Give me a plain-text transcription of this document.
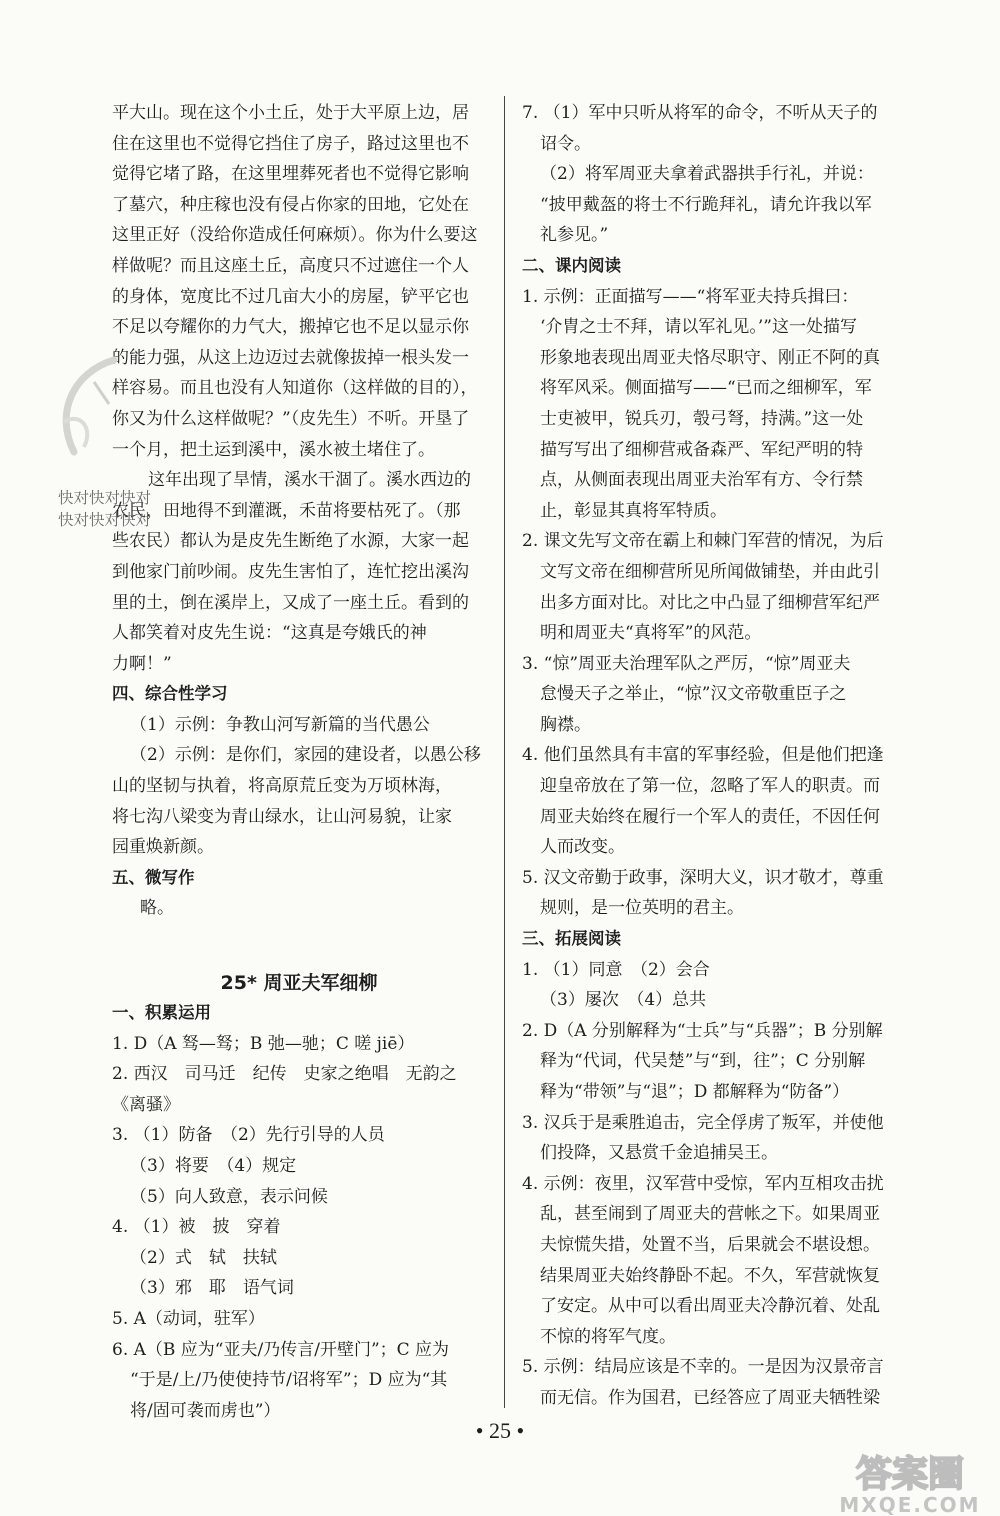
平大山。现在这个小土丘，处于大平原上边，居
住在这里也不觉得它挡住了房子，路过这里也不
觉得它堵了路，在这里埋葬死者也不觉得它影响
了墓穴，种庄稼也没有侵占你家的田地，它处在
这里正好（没给你造成任何麻烦）。你为什么要这
样做呢？而且这座土丘，高度只不过遮住一个人
的身体，宽度比不过几亩大小的房屋，铲平它也
不足以夸耀你的力气大，搬掉它也不足以显示你
的能力强，从这上边迈过去就像拔掉一根头发一
样容易。而且也没有人知道你（这样做的目的），
你又为什么这样做呢？”（皮先生）不听。开垦了
一个月，把土运到溪中，溪水被土堵住了。
这年出现了旱情，溪水干涸了。溪水西边的
农民，田地得不到灌溉，禾苗将要枯死了。（那
些农民）都认为是皮先生断绝了水源，大家一起
到他家门前吵闹。皮先生害怕了，连忙挖出溪沟
里的土，倒在溪岸上，又成了一座土丘。看到的
人都笑着对皮先生说：“这真是夸娥氏的神
力啊！”
四、综合性学习
（1）示例：争教山河写新篇的当代愚公
（2）示例：是你们，家园的建设者，以愚公移
山的坚韧与执着，将高原荒丘变为万顷林海，
将七沟八梁变为青山绿水，让山河易貌，让家
园重焕新颜。
五、微写作
略。
25* 周亚夫军细柳
一、积累运用
1. D（A 驽—驽；B 弛—驰；C 嗟 jiē）
2. 西汉　司马迁　纪传　史家之绝唱　无韵之
《离骚》
3. （1）防备　（2）先行引导的人员
（3）将要　（4）规定
（5）向人致意，表示问候
4. （1）被　披　穿着
（2）式　轼　扶轼
（3）邪　耶　语气词
5. A（动词，驻军）
6. A（B 应为“亚夫/乃传言/开壁门”；C 应为
“于是/上/乃使使持节/诏将军”；D 应为“其
将/固可袭而虏也”）
7. （1）军中只听从将军的命令，不听从天子的
诏令。
（2）将军周亚夫拿着武器拱手行礼，并说：
“披甲戴盔的将士不行跪拜礼，请允许我以军
礼参见。”
二、课内阅读
1. 示例：正面描写——“将军亚夫持兵揖曰：
‘介胄之士不拜，请以军礼见。’”这一处描写
形象地表现出周亚夫恪尽职守、刚正不阿的真
将军风采。侧面描写——“已而之细柳军，军
士吏被甲，锐兵刃，彀弓弩，持满。”这一处
描写写出了细柳营戒备森严、军纪严明的特
点，从侧面表现出周亚夫治军有方、令行禁
止，彰显其真将军特质。
2. 课文先写文帝在霸上和棘门军营的情况，为后
文写文帝在细柳营所见所闻做铺垫，并由此引
出多方面对比。对比之中凸显了细柳营军纪严
明和周亚夫“真将军”的风范。
3. “惊”周亚夫治理军队之严厉，“惊”周亚夫
怠慢天子之举止，“惊”汉文帝敬重臣子之
胸襟。
4. 他们虽然具有丰富的军事经验，但是他们把逢
迎皇帝放在了第一位，忽略了军人的职责。而
周亚夫始终在履行一个军人的责任，不因任何
人而改变。
5. 汉文帝勤于政事，深明大义，识才敬才，尊重
规则，是一位英明的君主。
三、拓展阅读
1. （1）同意　（2）会合
（3）屡次　（4）总共
2. D（A 分别解释为“士兵”与“兵器”；B 分别解
释为“代词，代吴楚”与“到，往”；C 分别解
释为“带领”与“退”；D 都解释为“防备”）
3. 汉兵于是乘胜追击，完全俘虏了叛军，并使他
们投降，又悬赏千金追捕吴王。
4. 示例：夜里，汉军营中受惊，军内互相攻击扰
乱，甚至闹到了周亚夫的营帐之下。如果周亚
夫惊慌失措，处置不当，后果就会不堪设想。
结果周亚夫始终静卧不起。不久，军营就恢复
了安定。从中可以看出周亚夫冷静沉着、处乱
不惊的将军气度。
5. 示例：结局应该是不幸的。一是因为汉景帝言
而无信。作为国君，已经答应了周亚夫牺牲梁
快对快对快对
快对快对快对
• 25 •
答案圈
MXQE.COM
